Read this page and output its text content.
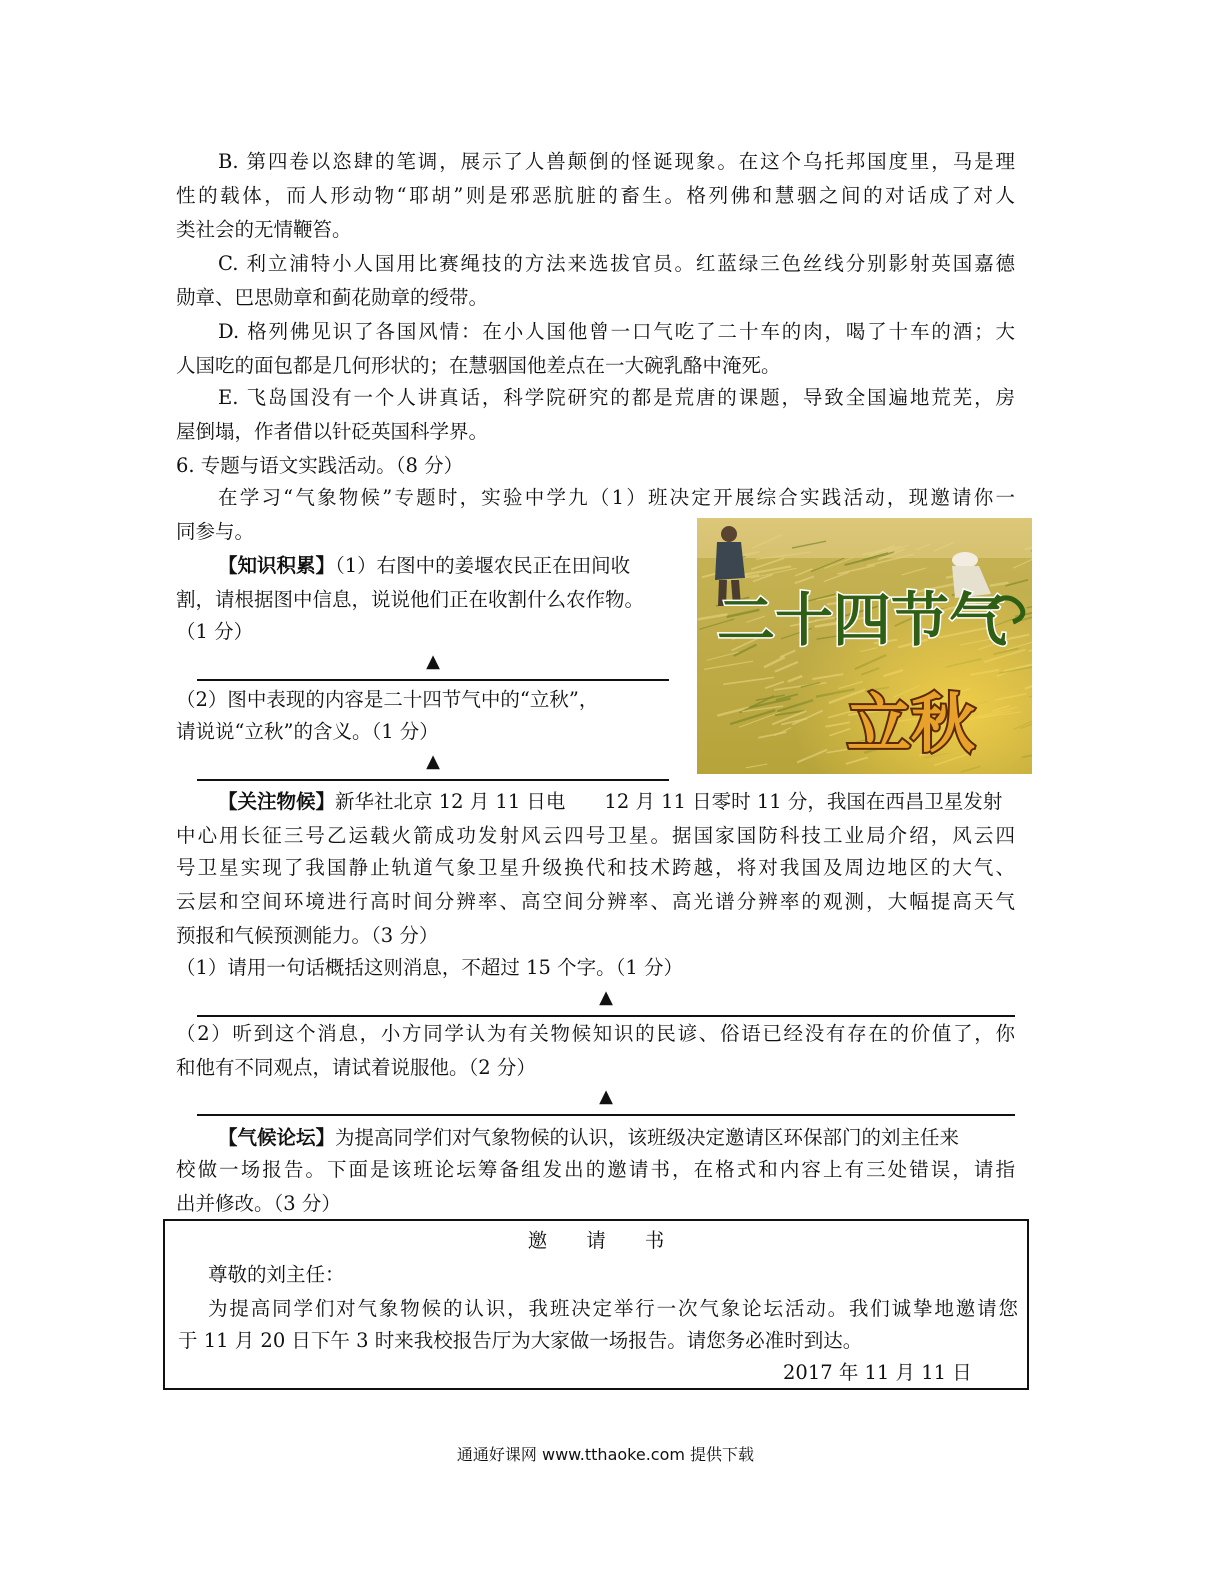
B. 第四卷以恣肆的笔调，展示了人兽颠倒的怪诞现象。在这个乌托邦国度里，马是理
性的载体，而人形动物“耶胡”则是邪恶肮脏的畜生。格列佛和慧骃之间的对话成了对人
类社会的无情鞭笞。
C. 利立浦特小人国用比赛绳技的方法来选拔官员。红蓝绿三色丝线分别影射英国嘉德
勋章、巴思勋章和蓟花勋章的绶带。
D. 格列佛见识了各国风情：在小人国他曾一口气吃了二十车的肉，喝了十车的酒；大
人国吃的面包都是几何形状的；在慧骃国他差点在一大碗乳酪中淹死。
E. 飞岛国没有一个人讲真话，科学院研究的都是荒唐的课题，导致全国遍地荒芜，房
屋倒塌，作者借以针砭英国科学界。
6. 专题与语文实践活动。（8 分）
在学习“气象物候”专题时，实验中学九（1）班决定开展综合实践活动，现邀请你一
同参与。
【知识积累】（1）右图中的姜堰农民正在田间收
割，请根据图中信息，说说他们正在收割什么农作物。
（1 分）
▲
（2）图中表现的内容是二十四节气中的“立秋”，
请说说“立秋”的含义。（1 分）
▲
二十四节气
立秋
【关注物候】新华社北京 12 月 11 日电　　12 月 11 日零时 11 分，我国在西昌卫星发射
中心用长征三号乙运载火箭成功发射风云四号卫星。据国家国防科技工业局介绍，风云四
号卫星实现了我国静止轨道气象卫星升级换代和技术跨越，将对我国及周边地区的大气、
云层和空间环境进行高时间分辨率、高空间分辨率、高光谱分辨率的观测，大幅提高天气
预报和气候预测能力。（3 分）
（1）请用一句话概括这则消息，不超过 15 个字。（1 分）
▲
（2）听到这个消息，小方同学认为有关物候知识的民谚、俗语已经没有存在的价值了，你
和他有不同观点，请试着说服他。（2 分）
▲
【气候论坛】为提高同学们对气象物候的认识，该班级决定邀请区环保部门的刘主任来
校做一场报告。下面是该班论坛筹备组发出的邀请书，在格式和内容上有三处错误，请指
出并修改。（3 分）
邀　　请　　书
尊敬的刘主任：
为提高同学们对气象物候的认识，我班决定举行一次气象论坛活动。我们诚挚地邀请您
于 11 月 20 日下午 3 时来我校报告厅为大家做一场报告。请您务必准时到达。
2017 年 11 月 11 日
通通好课网 www.tthaoke.com 提供下载
